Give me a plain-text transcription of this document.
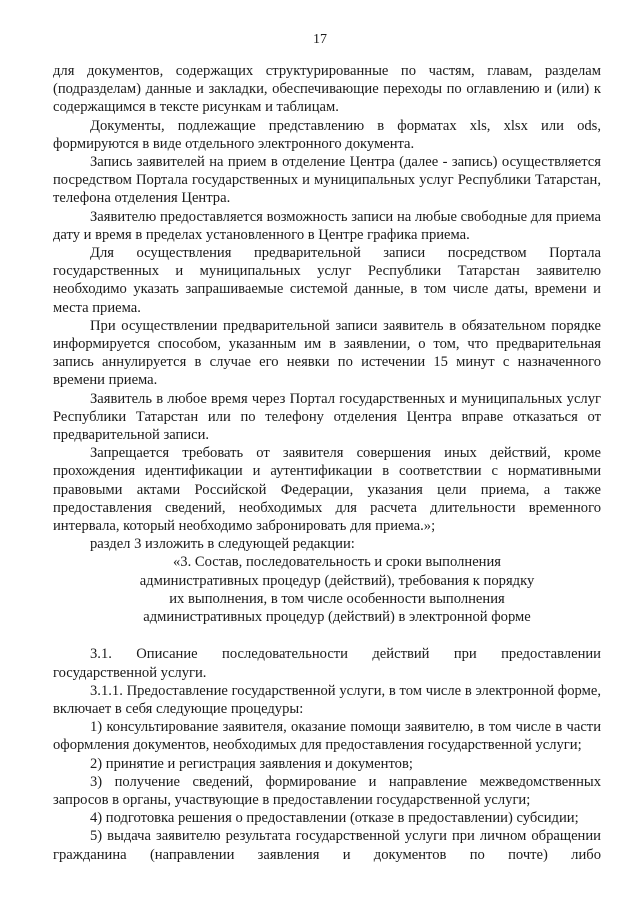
17

для документов, содержащих структурированные по частям, главам, разделам (подразделам) данные и закладки, обеспечивающие переходы по оглавлению и (или) к содержащимся в тексте рисункам и таблицам.

Документы, подлежащие представлению в форматах xls, xlsx или ods, формируются в виде отдельного электронного документа.

Запись заявителей на прием в отделение Центра (далее - запись) осуществляется посредством Портала государственных и муниципальных услуг Республики Татарстан, телефона отделения Центра.

Заявителю предоставляется возможность записи на любые свободные для приема дату и время в пределах установленного в Центре графика приема.

Для осуществления предварительной записи посредством Портала государственных и муниципальных услуг Республики Татарстан заявителю необходимо указать запрашиваемые системой данные, в том числе даты, времени и места приема.

При осуществлении предварительной записи заявитель в обязательном порядке информируется способом, указанным им в заявлении, о том, что предварительная запись аннулируется в случае его неявки по истечении 15 минут с назначенного времени приема.

Заявитель в любое время через Портал государственных и муниципальных услуг Республики Татарстан или по телефону отделения Центра вправе отказаться от предварительной записи.

Запрещается требовать от заявителя совершения иных действий, кроме прохождения идентификации и аутентификации в соответствии с нормативными правовыми актами Российской Федерации, указания цели приема, а также предоставления сведений, необходимых для расчета длительности временного интервала, который необходимо забронировать для приема.»;

раздел 3 изложить в следующей редакции:

«3. Состав, последовательность и сроки выполнения

административных процедур (действий), требования к порядку

их выполнения, в том числе особенности выполнения

административных процедур (действий) в электронной форме

3.1. Описание последовательности действий при предоставлении государственной услуги.

3.1.1. Предоставление государственной услуги, в том числе в электронной форме, включает в себя следующие процедуры:

1) консультирование заявителя, оказание помощи заявителю, в том числе в части оформления документов, необходимых для предоставления государственной услуги;

2) принятие и регистрация заявления и документов;

3) получение сведений, формирование и направление межведомственных запросов в органы, участвующие в предоставлении государственной услуги;

4) подготовка решения о предоставлении (отказе в предоставлении) субсидии;

5) выдача заявителю результата государственной услуги при личном обращении гражданина (направлении заявления и документов по почте) либо
